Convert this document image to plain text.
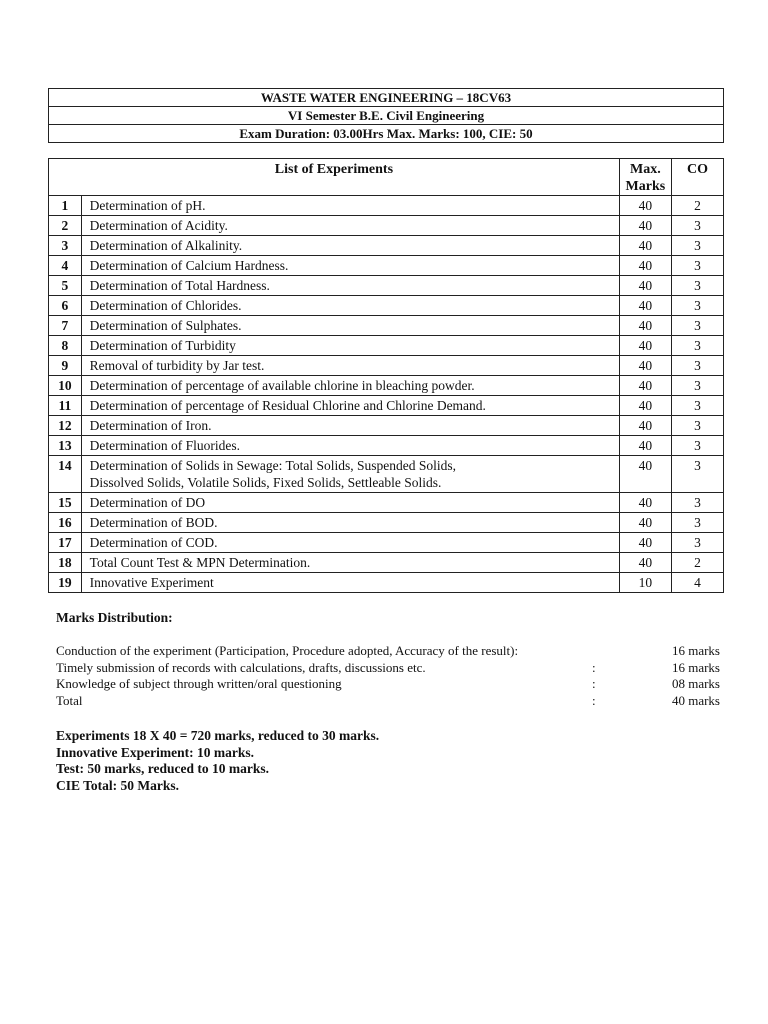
WASTE WATER ENGINEERING – 18CV63
VI Semester B.E. Civil Engineering
Exam Duration: 03.00Hrs Max. Marks: 100, CIE: 50
List of Experiments		Max.
Marks	CO
1	Determination of pH.	40	2
2	Determination of Acidity.	40	3
3	Determination of Alkalinity.	40	3
4	Determination of Calcium Hardness.	40	3
5	Determination of Total Hardness.	40	3
6	Determination of Chlorides.	40	3
7	Determination of Sulphates.	40	3
8	Determination of Turbidity	40	3
9	Removal of turbidity by Jar test.	40	3
10	Determination of percentage of available chlorine in bleaching powder.	40	3
11	Determination of percentage of Residual Chlorine and Chlorine Demand.	40	3
12	Determination of Iron.	40	3
13	Determination of Fluorides.	40	3
14	Determination of Solids in Sewage: Total Solids, Suspended Solids,
Dissolved Solids, Volatile Solids, Fixed Solids, Settleable Solids.	40	3
15	Determination of DO	40	3
16	Determination of BOD.	40	3
17	Determination of COD.	40	3
18	Total Count Test & MPN Determination.	40	2
19	Innovative Experiment	10	4
Marks Distribution:
Conduction of the experiment (Participation, Procedure adopted, Accuracy of the result):	16 marks
Timely submission of records with calculations, drafts, discussions etc.	:	16 marks
Knowledge of subject through written/oral questioning	:	08 marks
Total	:	40 marks
Experiments 18 X 40 = 720 marks, reduced to 30 marks.
Innovative Experiment: 10 marks.
Test: 50 marks, reduced to 10 marks.
CIE Total: 50 Marks.
